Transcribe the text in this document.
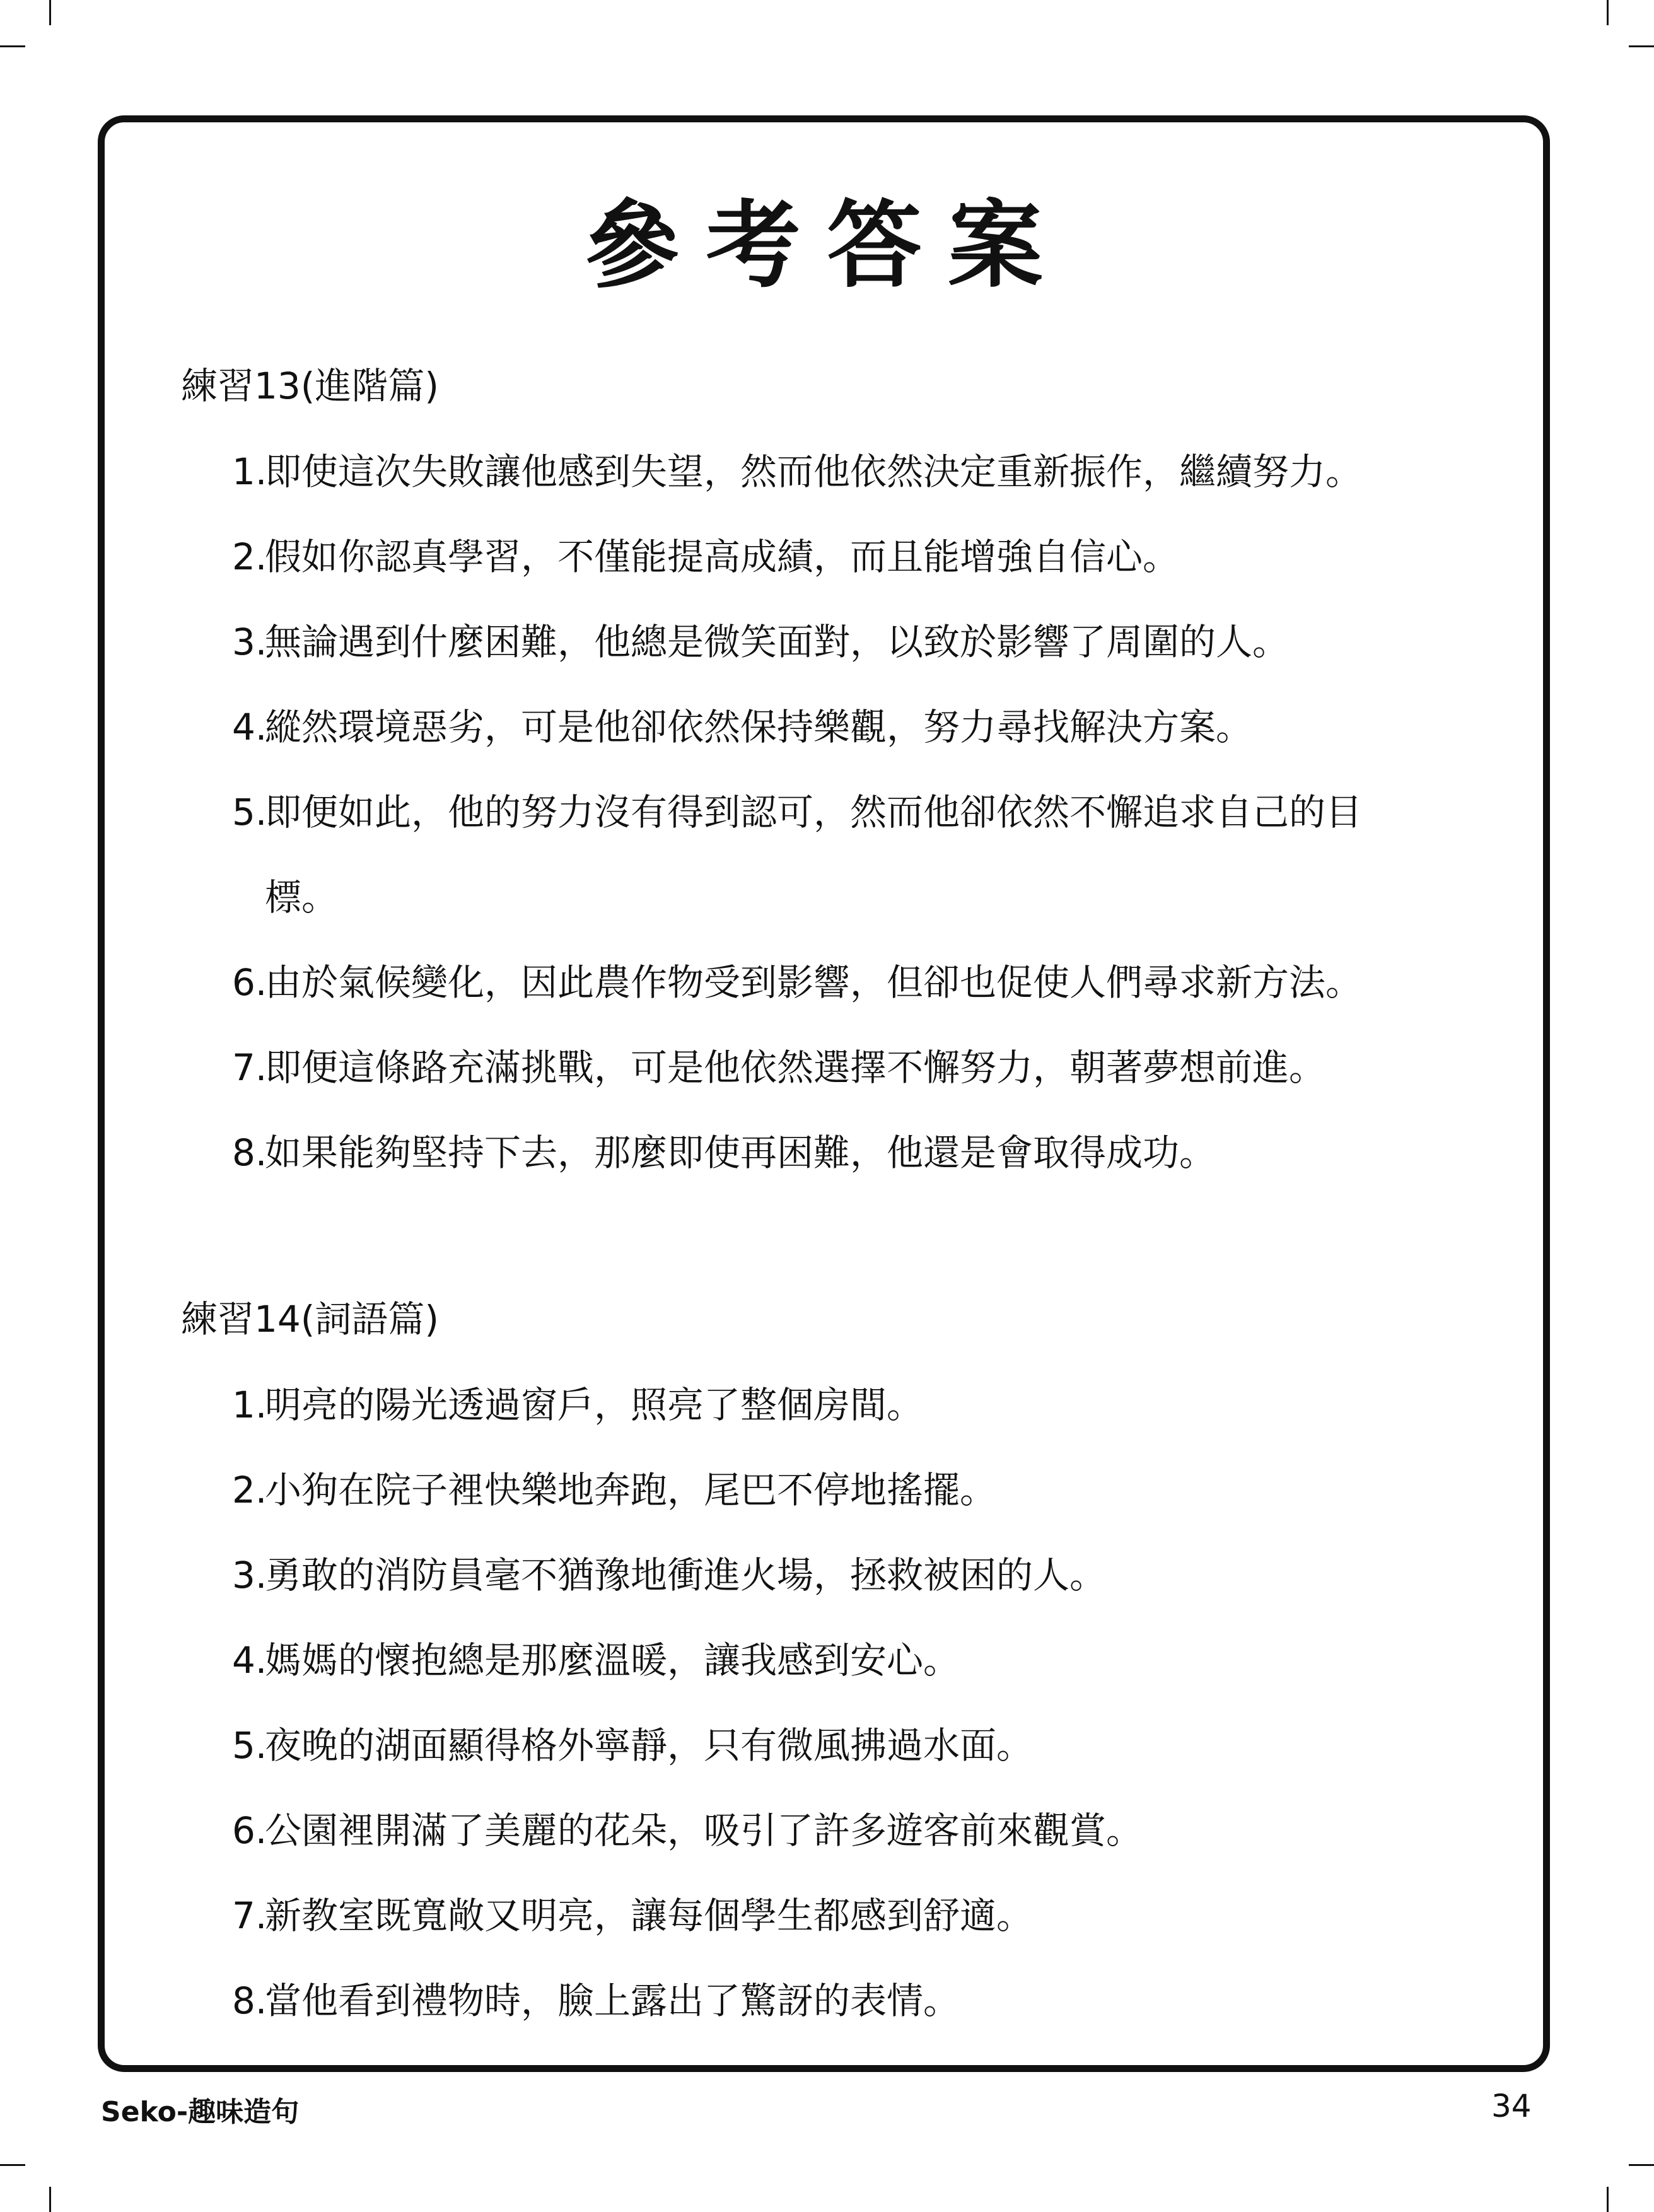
參考答案
練習13(進階篇)
1.即使這次失敗讓他感到失望，然而他依然決定重新振作，繼續努力。
2.假如你認真學習，不僅能提高成績，而且能增強自信心。
3.無論遇到什麼困難，他總是微笑面對，以致於影響了周圍的人。
4.縱然環境惡劣，可是他卻依然保持樂觀，努力尋找解決方案。
5.即便如此，他的努力沒有得到認可，然而他卻依然不懈追求自己的目
標。
6.由於氣候變化，因此農作物受到影響，但卻也促使人們尋求新方法。
7.即便這條路充滿挑戰，可是他依然選擇不懈努力，朝著夢想前進。
8.如果能夠堅持下去，那麼即使再困難，他還是會取得成功。
練習14(詞語篇)
1.明亮的陽光透過窗戶，照亮了整個房間。
2.小狗在院子裡快樂地奔跑，尾巴不停地搖擺。
3.勇敢的消防員毫不猶豫地衝進火場，拯救被困的人。
4.媽媽的懷抱總是那麼溫暖，讓我感到安心。
5.夜晚的湖面顯得格外寧靜，只有微風拂過水面。
6.公園裡開滿了美麗的花朵，吸引了許多遊客前來觀賞。
7.新教室既寬敞又明亮，讓每個學生都感到舒適。
8.當他看到禮物時，臉上露出了驚訝的表情。
Seko-趣味造句	34
